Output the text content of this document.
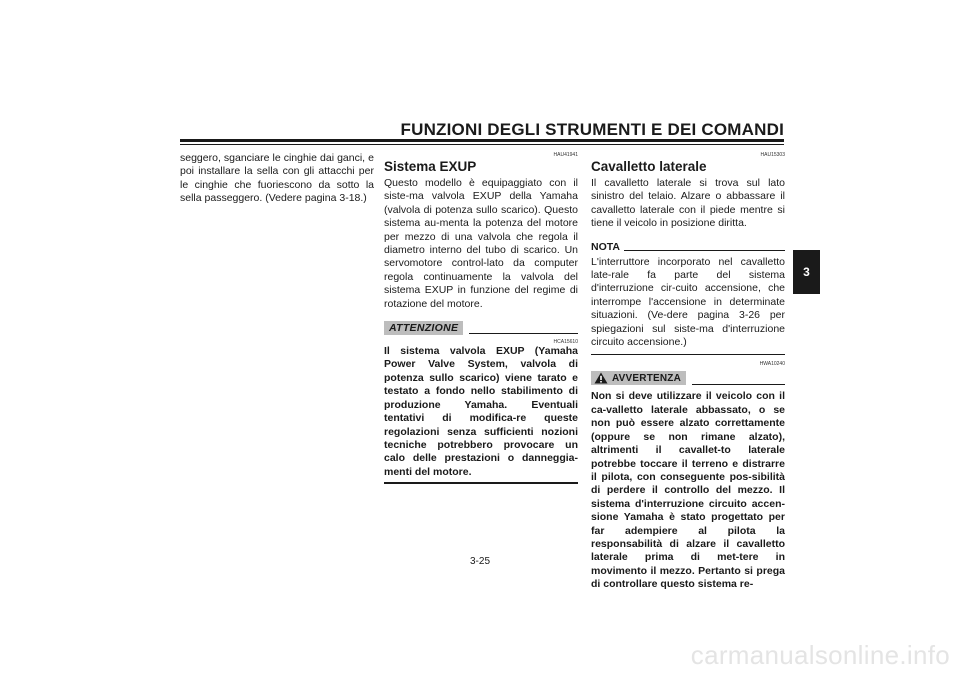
FUNZIONI DEGLI STRUMENTI E DEI COMANDI
3

seggero, sganciare le cinghie dai ganci, e poi installare la sella con gli attacchi per le cinghie che fuoriescono da sotto la sella passeggero. (Vedere pagina 3-18.)

HAU41941
Sistema EXUP

Questo modello è equipaggiato con il siste-ma valvola EXUP della Yamaha (valvola di potenza sullo scarico). Questo sistema au-menta la potenza del motore per mezzo di una valvola che regola il diametro interno del tubo di scarico. Un servomotore control-lato da computer regola continuamente la valvola del sistema EXUP in funzione del regime di rotazione del motore.

ATTENZIONE
HCA15610

Il sistema valvola EXUP (Yamaha Power Valve System, valvola di potenza sullo scarico) viene tarato e testato a fondo nello stabilimento di produzione Yamaha. Eventuali tentativi di modifica-re queste regolazioni senza sufficienti nozioni tecniche potrebbero provocare un calo delle prestazioni o danneggia-menti del motore.

HAU15303
Cavalletto laterale

Il cavalletto laterale si trova sul lato sinistro del telaio. Alzare o abbassare il cavalletto laterale con il piede mentre si tiene il veicolo in posizione diritta.

NOTA

L'interruttore incorporato nel cavalletto late-rale fa parte del sistema d'interruzione cir-cuito accensione, che interrompe l'accensione in determinate situazioni. (Ve-dere pagina 3-26 per spiegazioni sul siste-ma d'interruzione circuito accensione.)

HWA10240
AVVERTENZA

Non si deve utilizzare il veicolo con il ca-valletto laterale abbassato, o se non può essere alzato correttamente (oppure se non rimane alzato), altrimenti il cavallet-to laterale potrebbe toccare il terreno e distrarre il pilota, con conseguente pos-sibilità di perdere il controllo del mezzo. Il sistema d'interruzione circuito accen-sione Yamaha è stato progettato per far adempiere al pilota la responsabilità di alzare il cavalletto laterale prima di met-tere in movimento il mezzo. Pertanto si prega di controllare questo sistema re-

3-25
carmanualsonline.info
